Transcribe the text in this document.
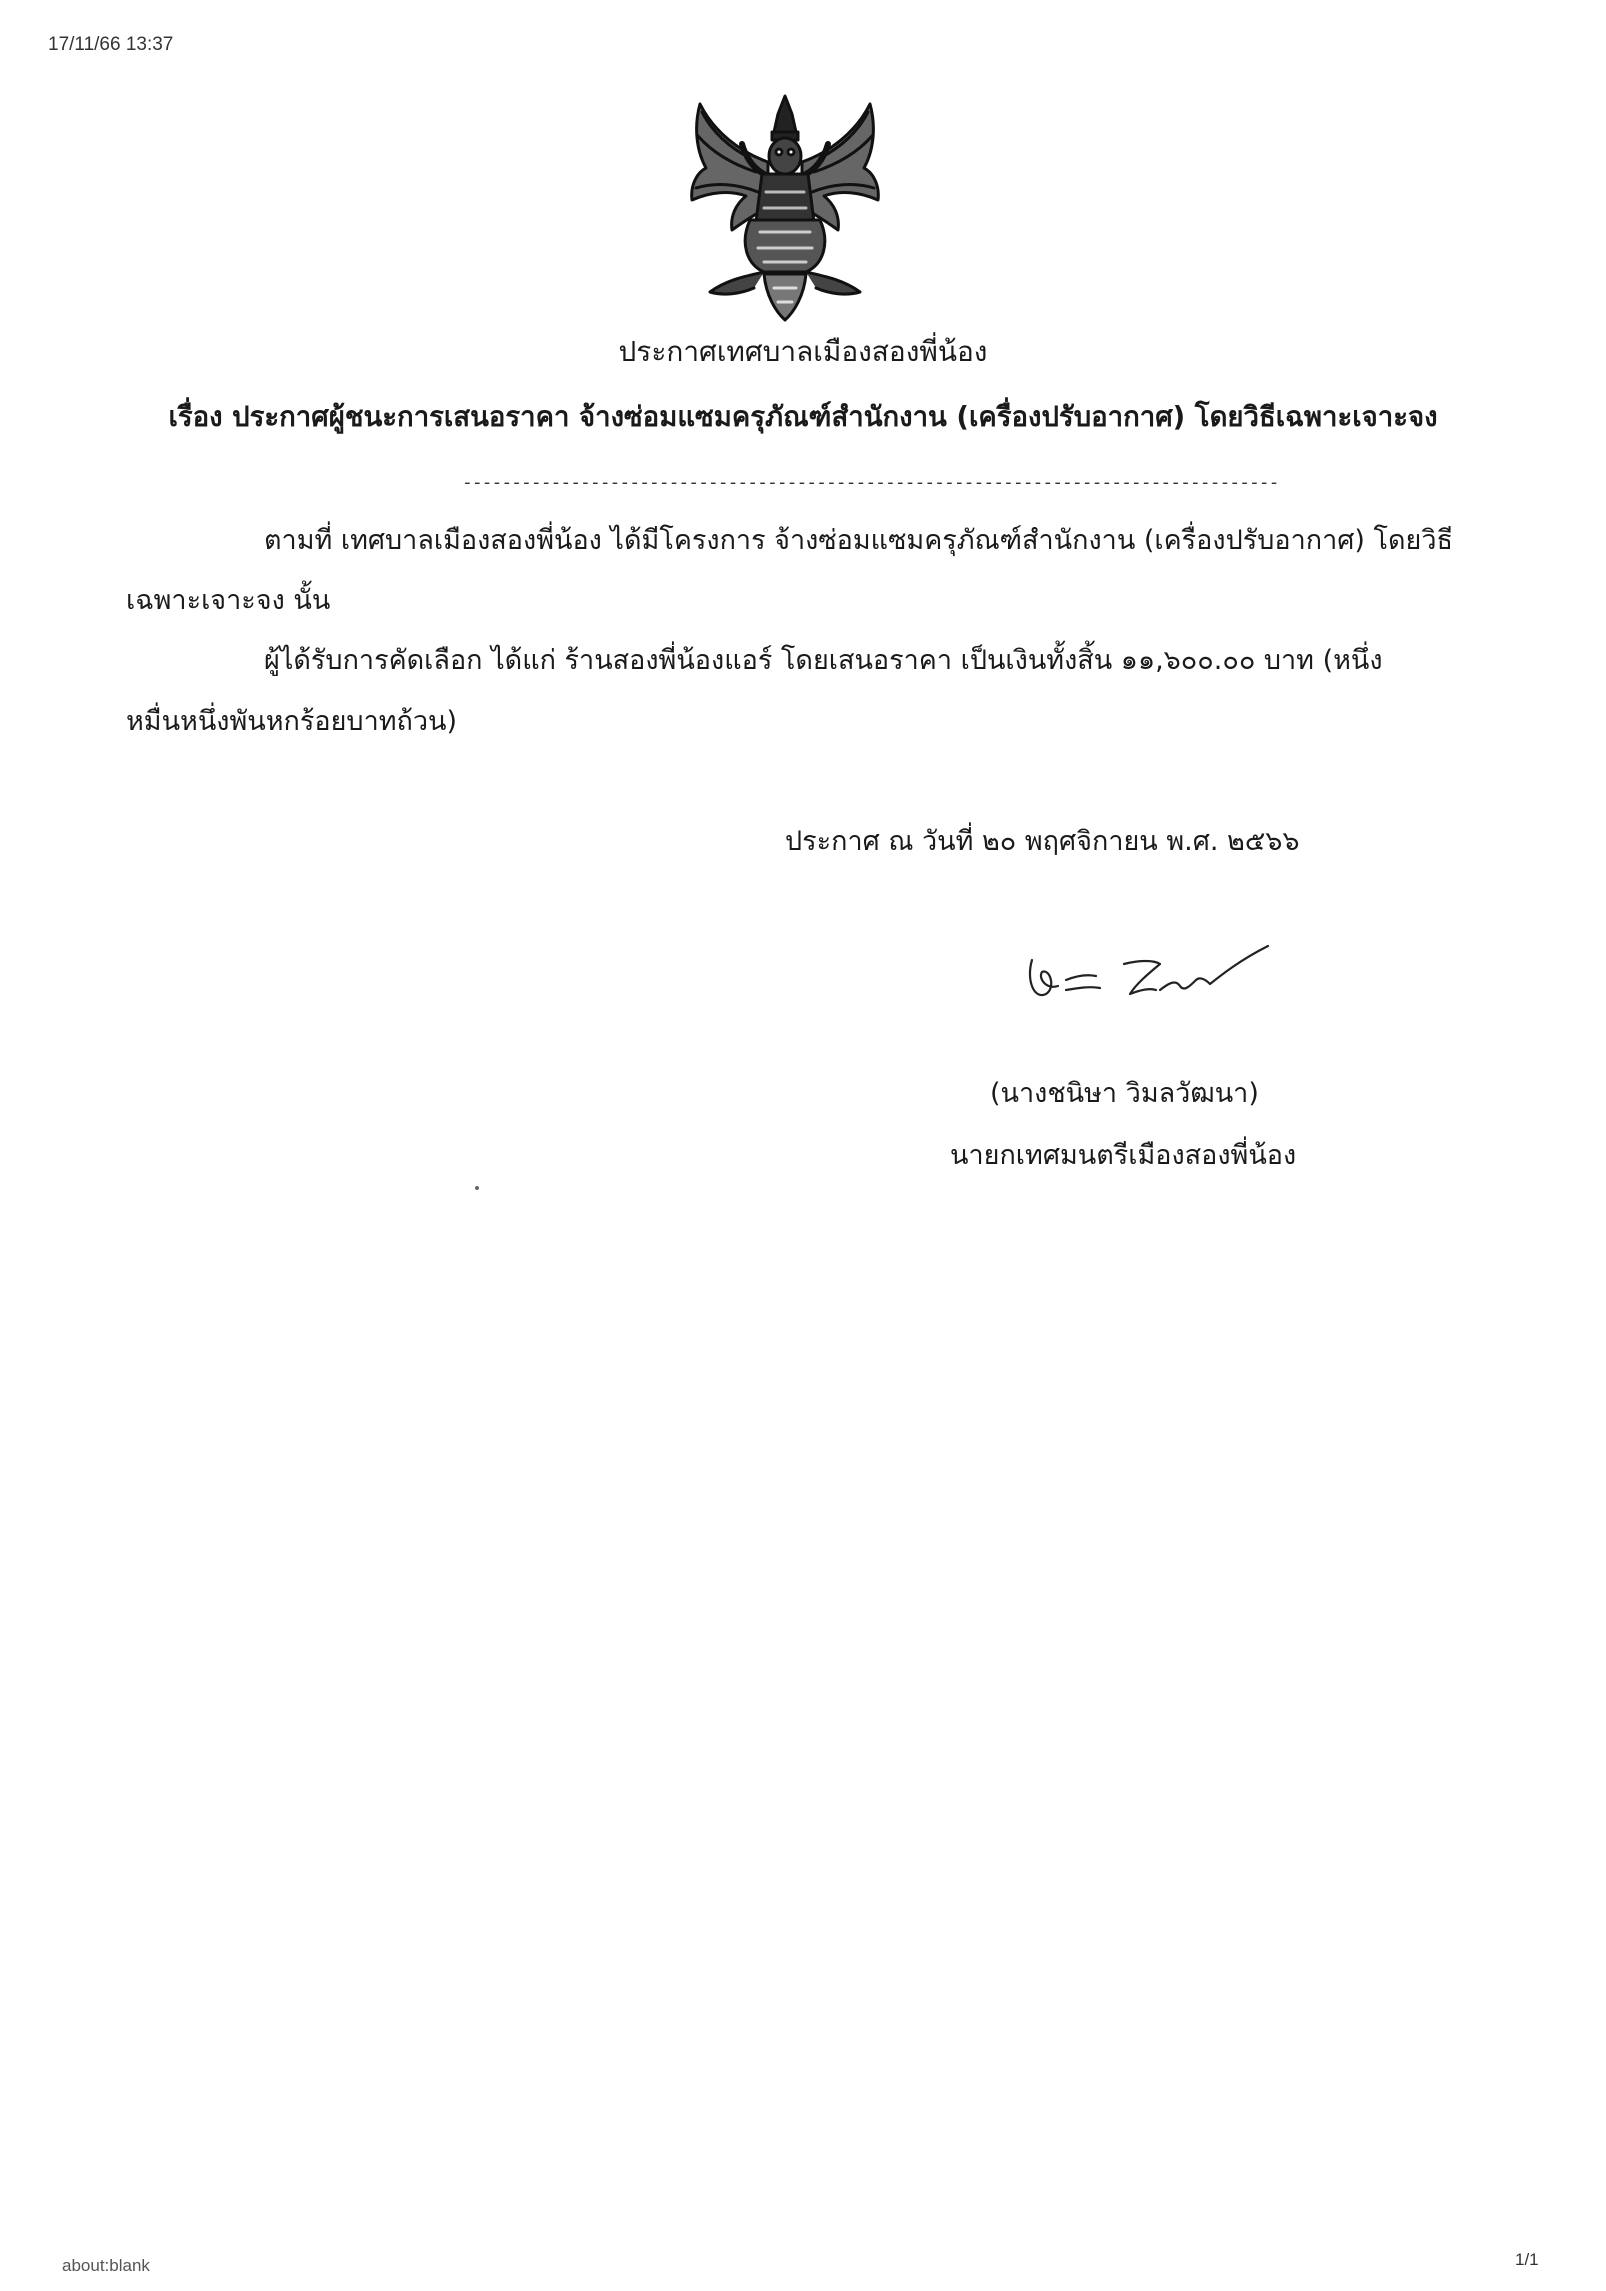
17/11/66 13:37
ประกาศเทศบาลเมืองสองพี่น้อง
เรื่อง ประกาศผู้ชนะการเสนอราคา จ้างซ่อมแซมครุภัณฑ์สำนักงาน (เครื่องปรับอากาศ) โดยวิธีเฉพาะเจาะจง
-----------------------------------------------------------------------------------
ตามที่ เทศบาลเมืองสองพี่น้อง ได้มีโครงการ จ้างซ่อมแซมครุภัณฑ์สำนักงาน (เครื่องปรับอากาศ) โดยวิธี
เฉพาะเจาะจง นั้น
ผู้ได้รับการคัดเลือก ได้แก่ ร้านสองพี่น้องแอร์ โดยเสนอราคา เป็นเงินทั้งสิ้น ๑๑,๖๐๐.๐๐ บาท (หนึ่ง
หมื่นหนึ่งพันหกร้อยบาทถ้วน)
ประกาศ ณ วันที่ ๒๐ พฤศจิกายน พ.ศ. ๒๕๖๖
(นางชนิษา วิมลวัฒนา)
นายกเทศมนตรีเมืองสองพี่น้อง
about:blank	1/1
